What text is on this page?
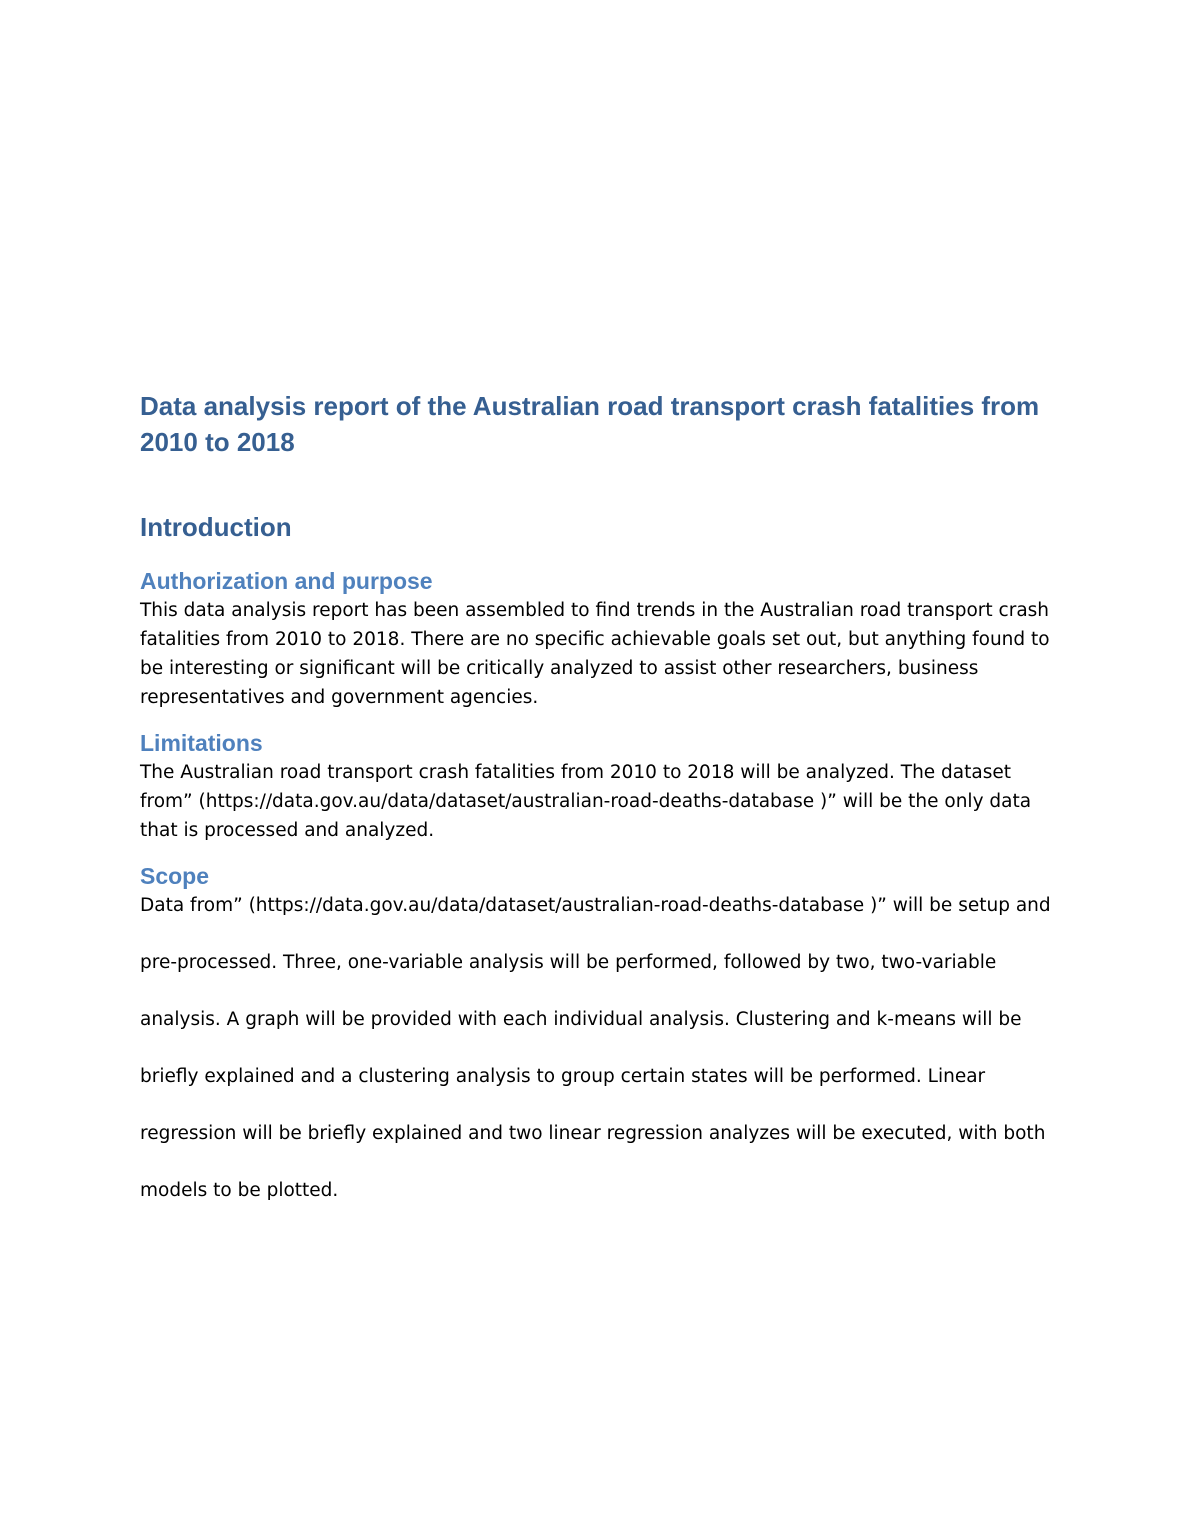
Data analysis report of the Australian road transport crash fatalities from 2010 to 2018
Introduction
Authorization and purpose

This data analysis report has been assembled to find trends in the Australian road transport crash fatalities from 2010 to 2018. There are no specific achievable goals set out, but anything found to be interesting or significant will be critically analyzed to assist other researchers, business representatives and government agencies.

Limitations

The Australian road transport crash fatalities from 2010 to 2018 will be analyzed. The dataset from” (https://data.gov.au/data/dataset/australian-road-deaths-database )” will be the only data that is processed and analyzed.

Scope

Data from” (https://data.gov.au/data/dataset/australian-road-deaths-database )” will be setup and pre-processed. Three, one-variable analysis will be performed, followed by two, two-variable analysis. A graph will be provided with each individual analysis. Clustering and k-means will be briefly explained and a clustering analysis to group certain states will be performed. Linear regression will be briefly explained and two linear regression analyzes will be executed, with both models to be plotted.
